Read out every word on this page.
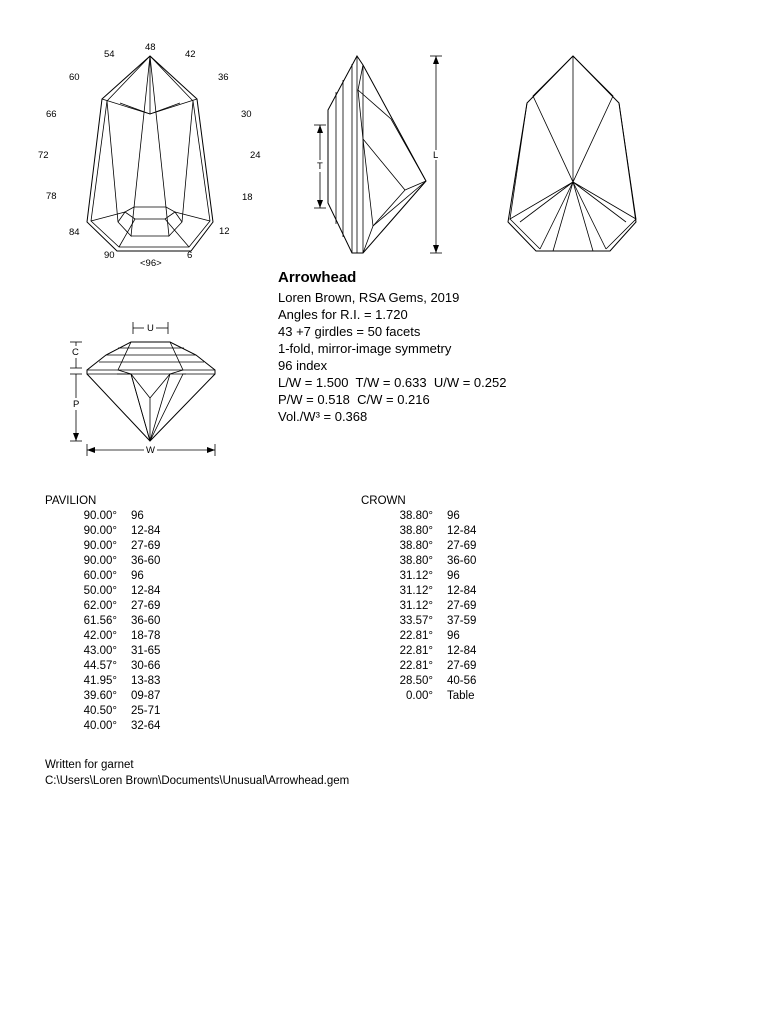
48
42
36
30
24
18
12
6
<96>
90
84
78
72
66
60
54
L
T
U
C
P
W
Arrowhead
Loren Brown, RSA Gems, 2019
Angles for R.I. = 1.720
43 +7 girdles = 50 facets
1-fold, mirror-image symmetry
96 index
L/W = 1.500  T/W = 0.633  U/W = 0.252
P/W = 0.518  C/W = 0.216
Vol./W³ = 0.368
PAVILION
90.00° 96
90.00° 12-84
90.00° 27-69
90.00° 36-60
60.00° 96
50.00° 12-84
62.00° 27-69
61.56° 36-60
42.00° 18-78
43.00° 31-65
44.57° 30-66
41.95° 13-83
39.60° 09-87
40.50° 25-71
40.00° 32-64
CROWN
38.80° 96
38.80° 12-84
38.80° 27-69
38.80° 36-60
31.12° 96
31.12° 12-84
31.12° 27-69
33.57° 37-59
22.81° 96
22.81° 12-84
22.81° 27-69
28.50° 40-56
0.00° Table
Written for garnet
C:\Users\Loren Brown\Documents\Unusual\Arrowhead.gem
